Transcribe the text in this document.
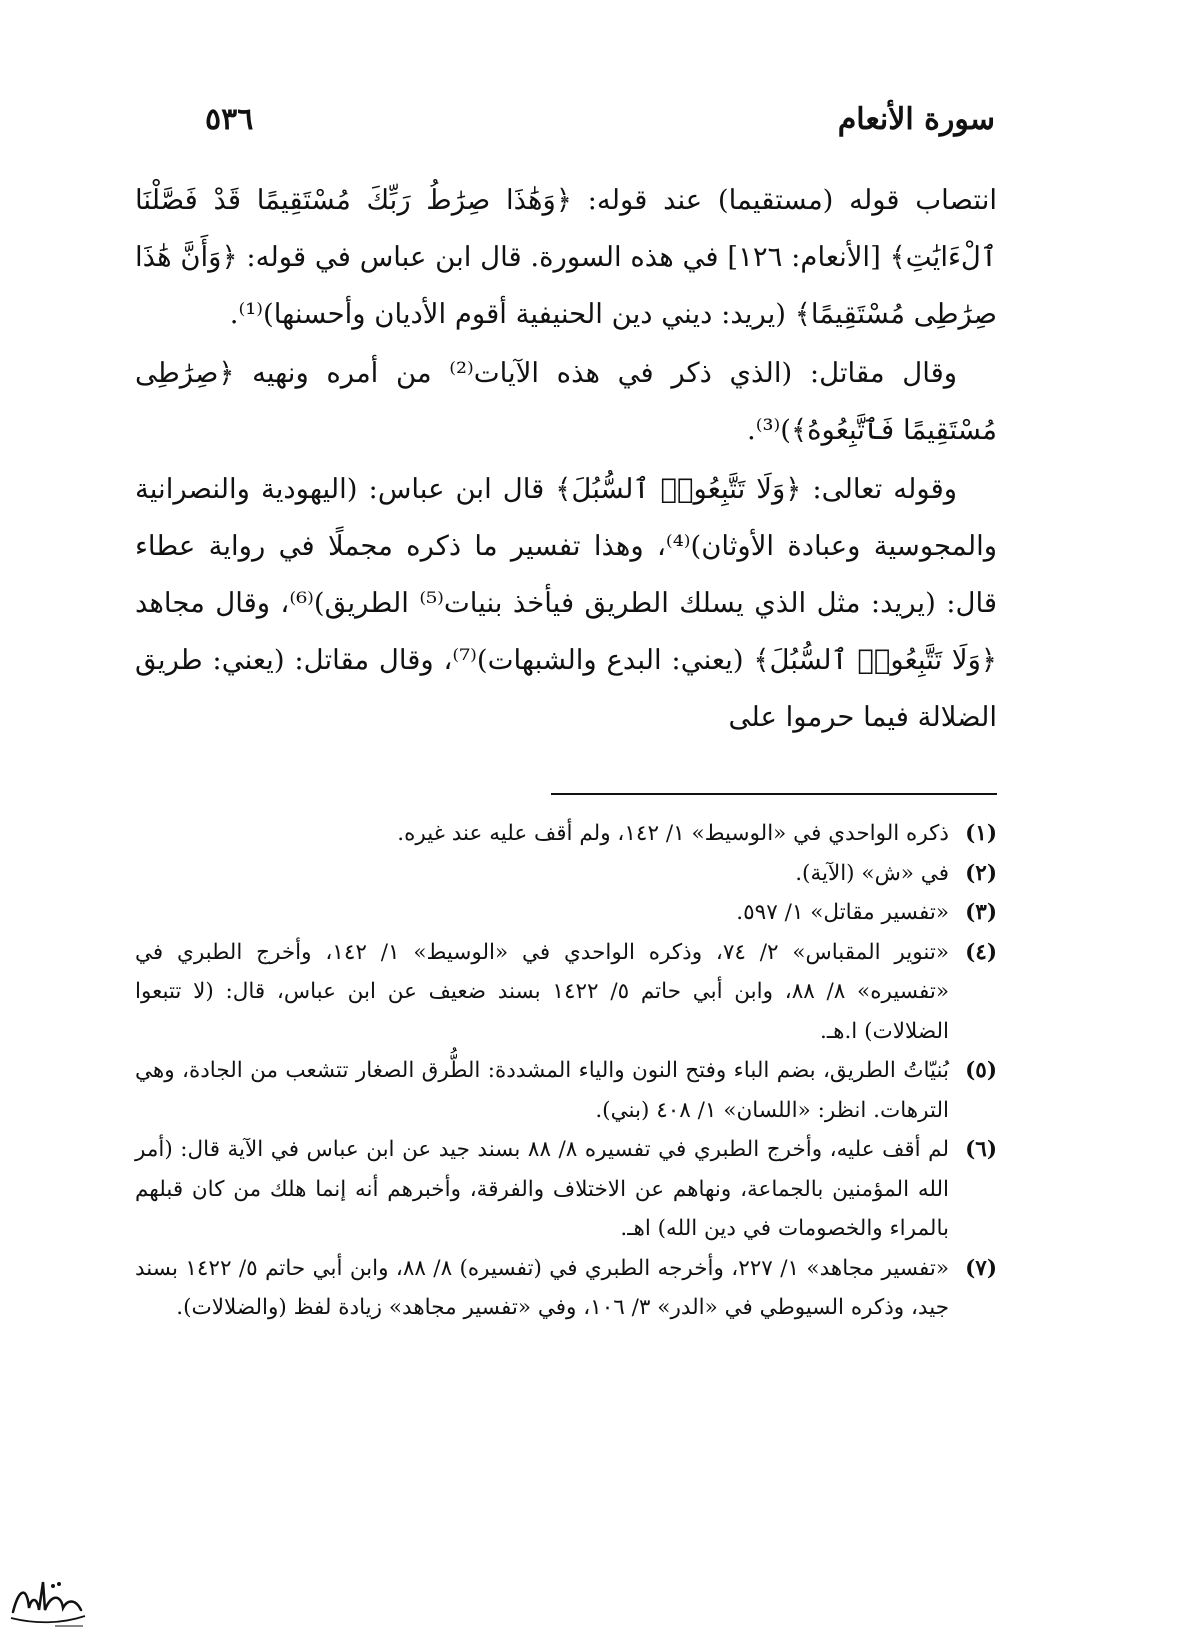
سورة الأنعام
٥٣٦

انتصاب قوله (مستقيما) عند قوله: ﴿وَهَٰذَا صِرَٰطُ رَبِّكَ مُسْتَقِيمًا قَدْ فَصَّلْنَا ٱلْءَايَٰتِ﴾ [الأنعام: ١٢٦] في هذه السورة. قال ابن عباس في قوله: ﴿وَأَنَّ هَٰذَا صِرَٰطِى مُسْتَقِيمًا﴾ (يريد: ديني دين الحنيفية أقوم الأديان وأحسنها)⁽¹⁾.

وقال مقاتل: (الذي ذكر في هذه الآيات⁽²⁾ من أمره ونهيه ﴿صِرَٰطِى مُسْتَقِيمًا فَٱتَّبِعُوهُ﴾)⁽³⁾.

وقوله تعالى: ﴿وَلَا تَتَّبِعُوا۟ ٱلسُّبُلَ﴾ قال ابن عباس: (اليهودية والنصرانية والمجوسية وعبادة الأوثان)⁽⁴⁾، وهذا تفسير ما ذكره مجملًا في رواية عطاء قال: (يريد: مثل الذي يسلك الطريق فيأخذ بنيات⁽⁵⁾ الطريق)⁽⁶⁾، وقال مجاهد ﴿وَلَا تَتَّبِعُوا۟ ٱلسُّبُلَ﴾ (يعني: البدع والشبهات)⁽⁷⁾، وقال مقاتل: (يعني: طريق الضلالة فيما حرموا على

(١)
ذكره الواحدي في «الوسيط» ١/ ١٤٢، ولم أقف عليه عند غيره.
(٢)
في «ش» (الآية).
(٣)
«تفسير مقاتل» ١/ ٥٩٧.
(٤)
«تنوير المقباس» ٢/ ٧٤، وذكره الواحدي في «الوسيط» ١/ ١٤٢، وأخرج الطبري في «تفسيره» ٨/ ٨٨، وابن أبي حاتم ٥/ ١٤٢٢ بسند ضعيف عن ابن عباس، قال: (لا تتبعوا الضلالات) ا.هـ.
(٥)
بُنيّاتُ الطريق، بضم الباء وفتح النون والياء المشددة: الطُّرق الصغار تتشعب من الجادة، وهي الترهات. انظر: «اللسان» ١/ ٤٠٨ (بني).
(٦)
لم أقف عليه، وأخرج الطبري في تفسيره ٨/ ٨٨ بسند جيد عن ابن عباس في الآية قال: (أمر الله المؤمنين بالجماعة، ونهاهم عن الاختلاف والفرقة، وأخبرهم أنه إنما هلك من كان قبلهم بالمراء والخصومات في دين الله) اهـ.
(٧)
«تفسير مجاهد» ١/ ٢٢٧، وأخرجه الطبري في (تفسيره) ٨/ ٨٨، وابن أبي حاتم ٥/ ١٤٢٢ بسند جيد، وذكره السيوطي في «الدر» ٣/ ١٠٦، وفي «تفسير مجاهد» زيادة لفظ (والضلالات).
